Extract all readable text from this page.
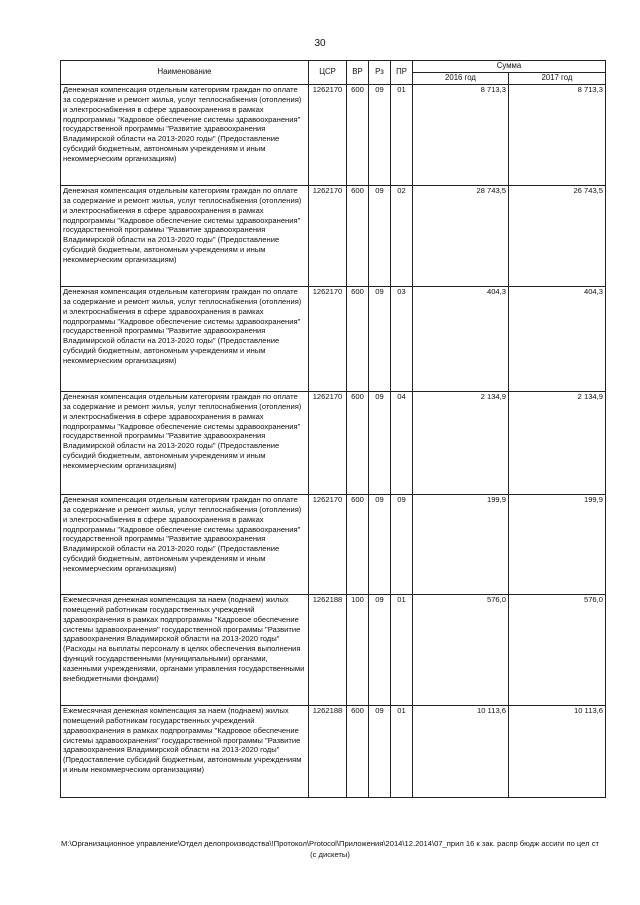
30
Наименование	ЦСР	ВР	Рз	ПР	Сумма	
					2016 год	2017 год
Денежная компенсация отдельным категориям граждан по оплате за содержание и ремонт жилья, услуг теплоснабжения (отопления) и электроснабжения в сфере здравоохранения в рамках подпрограммы "Кадровое обеспечение системы здравоохранения" государственной программы "Развитие здравоохранения Владимирской области на 2013-2020 годы" (Предоставление субсидий бюджетным, автономным учреждениям и иным некоммерческим организациям)	1262170	600	09	01	8 713,3	8 713,3
Денежная компенсация отдельным категориям граждан по оплате за содержание и ремонт жилья, услуг теплоснабжения (отопления) и электроснабжения в сфере здравоохранения в рамках подпрограммы "Кадровое обеспечение системы здравоохранения" государственной программы "Развитие здравоохранения Владимирской области на 2013-2020 годы" (Предоставление субсидий бюджетным, автономным учреждениям и иным некоммерческим организациям)	1262170	600	09	02	28 743,5	26 743,5
Денежная компенсация отдельным категориям граждан по оплате за содержание и ремонт жилья, услуг теплоснабжения (отопления) и электроснабжения в сфере здравоохранения в рамках подпрограммы "Кадровое обеспечение системы здравоохранения" государственной программы "Развитие здравоохранения Владимирской области на 2013-2020 годы" (Предоставление субсидий бюджетным, автономным учреждениям и иным некоммерческим организациям)	1262170	600	09	03	404,3	404,3
Денежная компенсация отдельным категориям граждан по оплате за содержание и ремонт жилья, услуг теплоснабжения (отопления) и электроснабжения в сфере здравоохранения в рамках подпрограммы "Кадровое обеспечение системы здравоохранения" государственной программы "Развитие здравоохранения Владимирской области на 2013-2020 годы" (Предоставление субсидий бюджетным, автономным учреждениям и иным некоммерческим организациям)	1262170	600	09	04	2 134,9	2 134,9
Денежная компенсация отдельным категориям граждан по оплате за содержание и ремонт жилья, услуг теплоснабжения (отопления) и электроснабжения в сфере здравоохранения в рамках подпрограммы "Кадровое обеспечение системы здравоохранения" государственной программы "Развитие здравоохранения Владимирской области на 2013-2020 годы" (Предоставление субсидий бюджетным, автономным учреждениям и иным некоммерческим организациям)	1262170	600	09	09	199,9	199,9
Ежемесячная денежная компенсация за наем (поднаем) жилых помещений работникам государственных учреждений здравоохранения в рамках подпрограммы "Кадровое обеспечение системы здравоохранения" государственной программы "Развитие здравоохранения Владимирской области на 2013-2020 годы" (Расходы на выплаты персоналу в целях обеспечения выполнения функций государственными (муниципальными) органами, казенными учреждениями, органами управления государственными внебюджетными фондами)	1262188	100	09	01	576,0	576,0
Ежемесячная денежная компенсация за наем (поднаем) жилых помещений работникам государственных учреждений здравоохранения в рамках подпрограммы "Кадровое обеспечение системы здравоохранения" государственной программы "Развитие здравоохранения Владимирской области на 2013-2020 годы" (Предоставление субсидий бюджетным, автономным учреждениям и иным некоммерческим организациям)	1262188	600	09	01	10 113,6	10 113,6
M:\Организационное управление\Отдел делопроизводства\!Протокол\Protocol\Приложения\2014\12.2014\07_прил 16 к зак. распр бюдж ассиги по цел ст (с дискеты)
